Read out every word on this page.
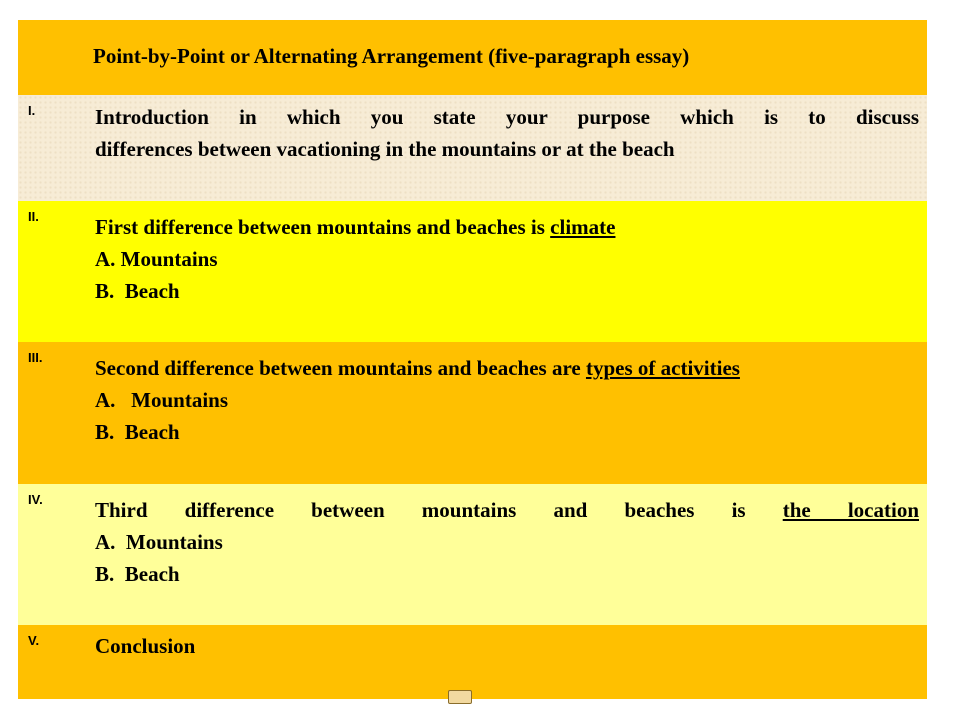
Point-by-Point or Alternating Arrangement (five-paragraph essay)

I.	Introduction in which you state your purpose which is to discuss
differences between vacationing in the mountains or at the beach

II.	First difference between mountains and beaches is climate
A. Mountains
B.  Beach

III.	Second difference between mountains and beaches are types of activities
A.   Mountains
B.  Beach

IV. Third difference between mountains and beaches is the location
A.  Mountains
B.  Beach

V.	Conclusion
